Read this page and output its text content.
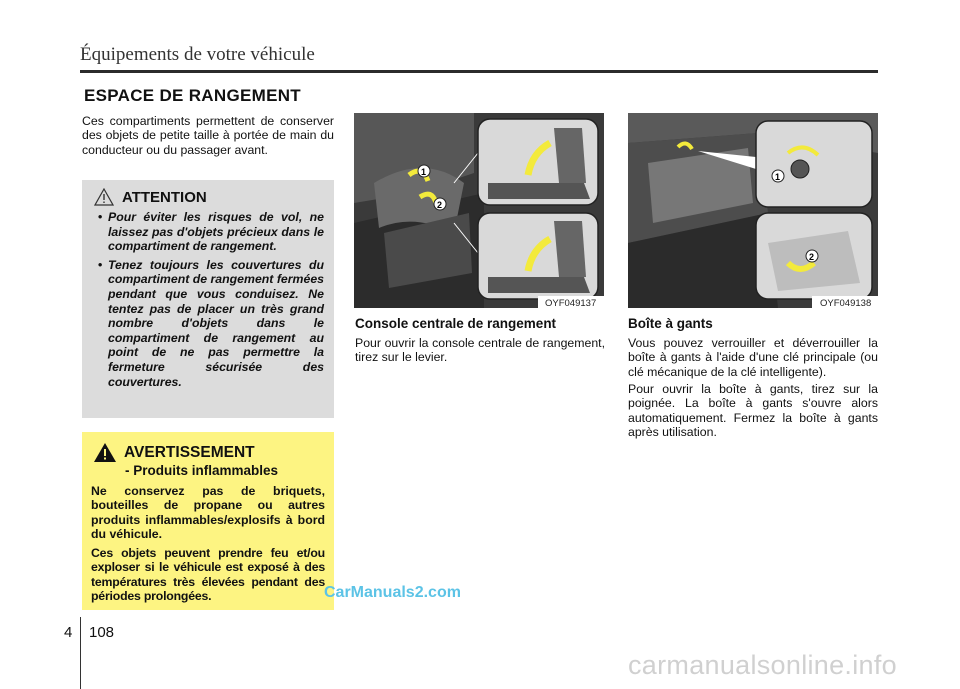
Équipements de votre véhicule
ESPACE DE RANGEMENT
Ces compartiments permettent de conserver des objets de petite taille à portée de main du conducteur ou du passager avant.
ATTENTION
• Pour éviter les risques de vol, ne laissez pas d'objets précieux dans le compartiment de rangement.
• Tenez toujours les couvertures du compartiment de rangement fermées pendant que vous conduisez. Ne tentez pas de placer un très grand nombre d'objets dans le compartiment de rangement au point de ne pas permettre la fermeture sécurisée des couvertures.
AVERTISSEMENT
- Produits inflammables

Ne conservez pas de briquets, bouteilles de propane ou autres produits inflammables/explosifs à bord du véhicule.

Ces objets peuvent prendre feu et/ou exploser si le véhicule est exposé à des températures très élevées pendant des périodes prolongées.	CarManuals2.com
1
2
OYF049137
1
2
OYF049138
Console centrale de rangement
Pour ouvrir la console centrale de rangement, tirez sur le levier.
Boîte à gants
Vous pouvez verrouiller et déverrouiller la boîte à gants à l'aide d'une clé principale (ou clé mécanique de la clé intelligente).
Pour ouvrir la boîte à gants, tirez sur la poignée. La boîte à gants s'ouvre alors automatiquement. Fermez la boîte à gants après utilisation.
4 108
carmanualsonline.info
